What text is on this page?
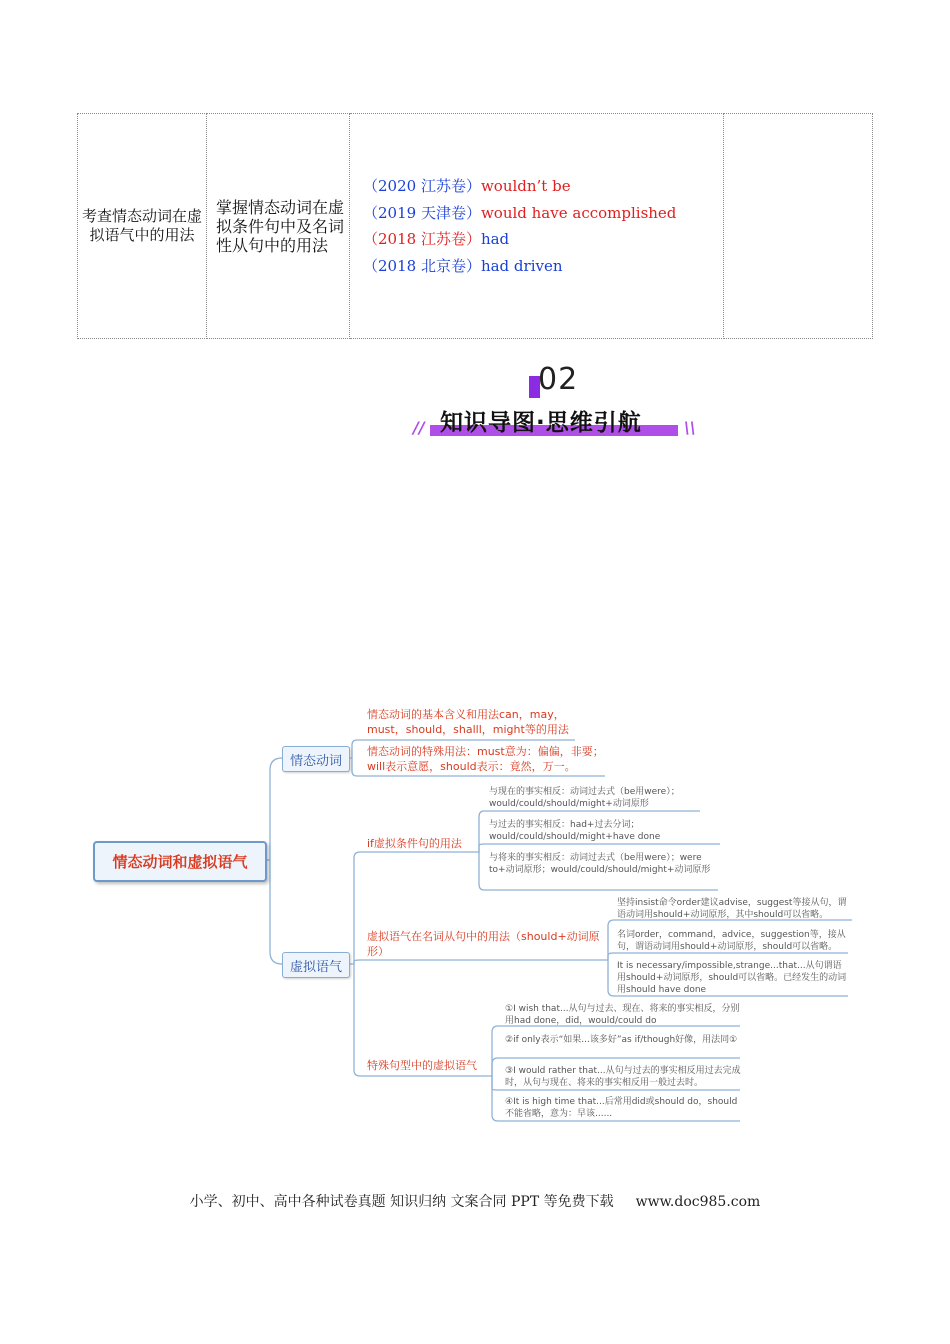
考查情态动词在虚拟语气中的用法	掌握情态动词在虚拟条件句中及名词性从句中的用法	
（2020 江苏卷）wouldn’t be
（2019 天津卷）would have accomplished
（2018 江苏卷）had
（2018 北京卷）had driven

02
// 知识导图·思维引航	\\
情态动词和虚拟语气
情态动词
虚拟语气
情态动词的基本含义和用法can，may，must，should，shalll，might等的用法
情态动词的特殊用法：must意为：偏偏，非要；will表示意愿，should表示：竟然，万一。
if虚拟条件句的用法
虚拟语气在名词从句中的用法（should+动词原形）
特殊句型中的虚拟语气
与现在的事实相反：动词过去式（be用were）；would/could/should/might+动词原形
与过去的事实相反：had+过去分词；would/could/should/might+have done
与将来的事实相反：动词过去式（be用were）；were to+动词原形；would/could/should/might+动词原形
坚持insist命令order建议advise，suggest等接从句，谓语动词用should+动词原形，其中should可以省略。
名词order，command，advice，suggestion等，接从句，谓语动词用should+动词原形，should可以省略。
It is necessary/impossible,strange...that...从句谓语用should+动词原形，should可以省略。已经发生的动词用should have done
①I wish that...从句与过去、现在、将来的事实相反，分别用had done，did，would/could do
②if only表示“如果...该多好”as if/though好像，用法同①
③I would rather that...从句与过去的事实相反用过去完成时，从句与现在、将来的事实相反用一般过去时。
④It is high time that...后常用did或should do，should不能省略，意为：早该......
小学、初中、高中各种试卷真题 知识归纳 文案合同 PPT 等免费下载 www.doc985.com
